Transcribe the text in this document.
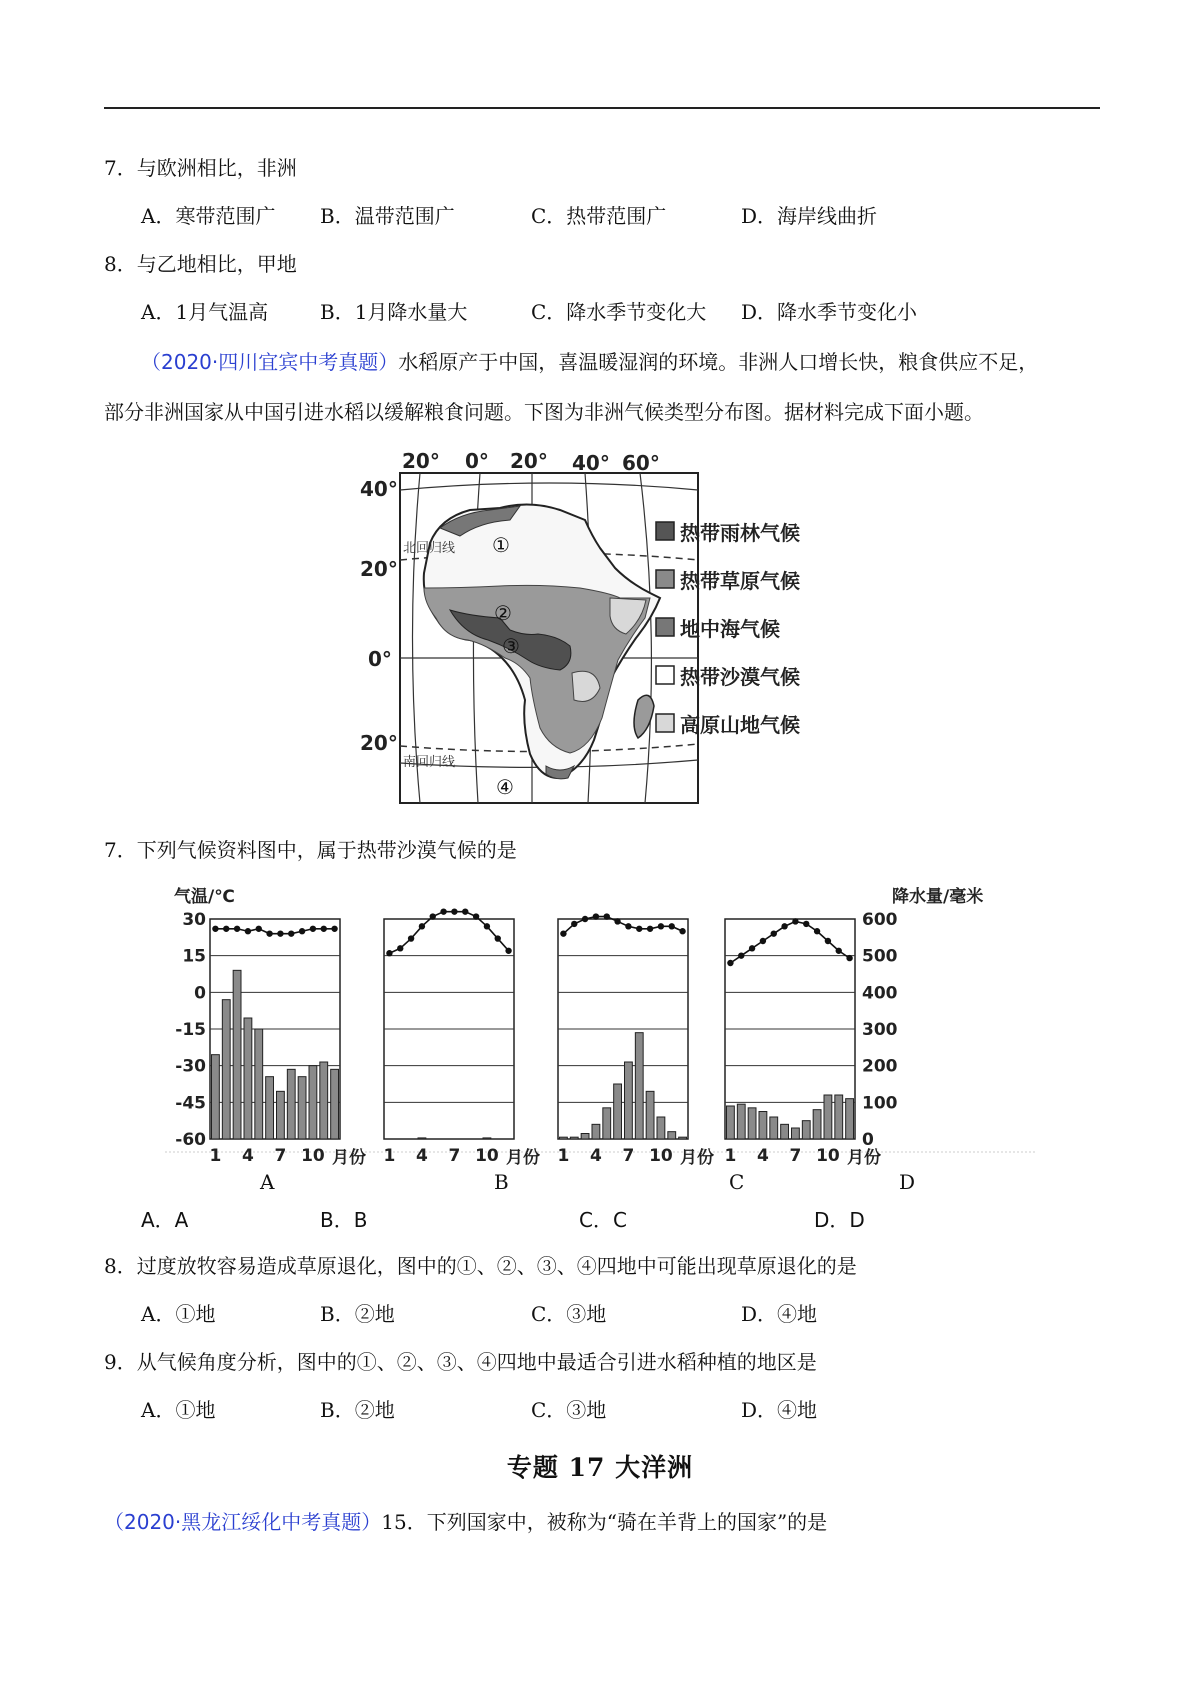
7．与欧洲相比，非洲
A．寒带范围广 B．温带范围广	C．热带范围广	D．海岸线曲折
8．与乙地相比，甲地
A．1月气温高	B．1月降水量大	C．降水季节变化大 D．降水季节变化小
（2020·四川宜宾中考真题）水稻原产于中国，喜温暖湿润的环境。非洲人口增长快，粮食供应不足，
部分非洲国家从中国引进水稻以缓解粮食问题。下图为非洲气候类型分布图。据材料完成下面小题。
20° 0° 20° 40° 60°
40°
20°
0°
20°
北回归线
南回归线
①
②
③
④
热带雨林气候
热带草原气候
地中海气候
热带沙漠气候
高原山地气候
7．下列气候资料图中，属于热带沙漠气候的是
气温/℃	降水量/毫米
30
15
0
-15
-30
-45
-60
600
500
400
300
200
100
0
1 4 7 10 月份 1 4 7 10 月份 1 4 7 10 月份 1 4 7 10 月份
A	B	C	D
A．A	B．B	C．C	D．D
8．过度放牧容易造成草原退化，图中的①、②、③、④四地中可能出现草原退化的是
A．①地	B．②地	C．③地	D．④地
9．从气候角度分析，图中的①、②、③、④四地中最适合引进水稻种植的地区是
A．①地	B．②地	C．③地	D．④地
专题 17 大洋洲
（2020·黑龙江绥化中考真题）15．下列国家中，被称为“骑在羊背上的国家”的是
